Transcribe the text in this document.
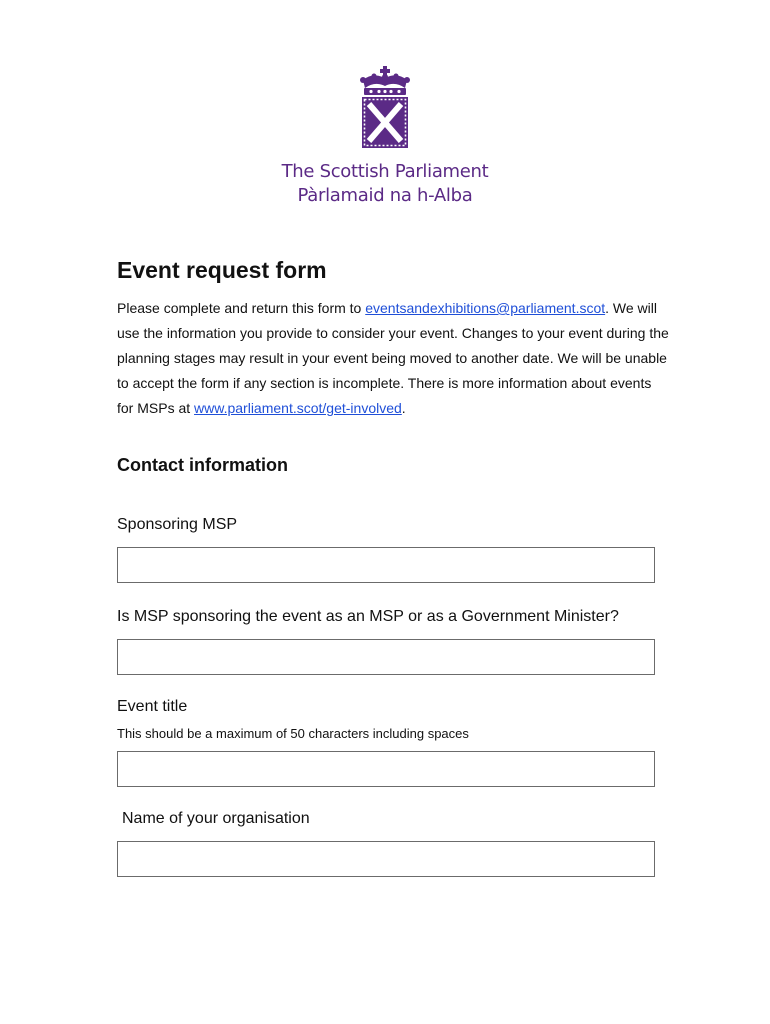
The Scottish Parliament
Pàrlamaid na h-Alba
Event request form

Please complete and return this form to eventsandexhibitions@parliament.scot. We will use the information you provide to consider your event. Changes to your event during the planning stages may result in your event being moved to another date. We will be unable to accept the form if any section is incomplete. There is more information about events for MSPs at www.parliament.scot/get-involved.

Contact information
Sponsoring MSP
Is MSP sponsoring the event as an MSP or as a Government Minister?
Event title
This should be a maximum of 50 characters including spaces
Name of your organisation
